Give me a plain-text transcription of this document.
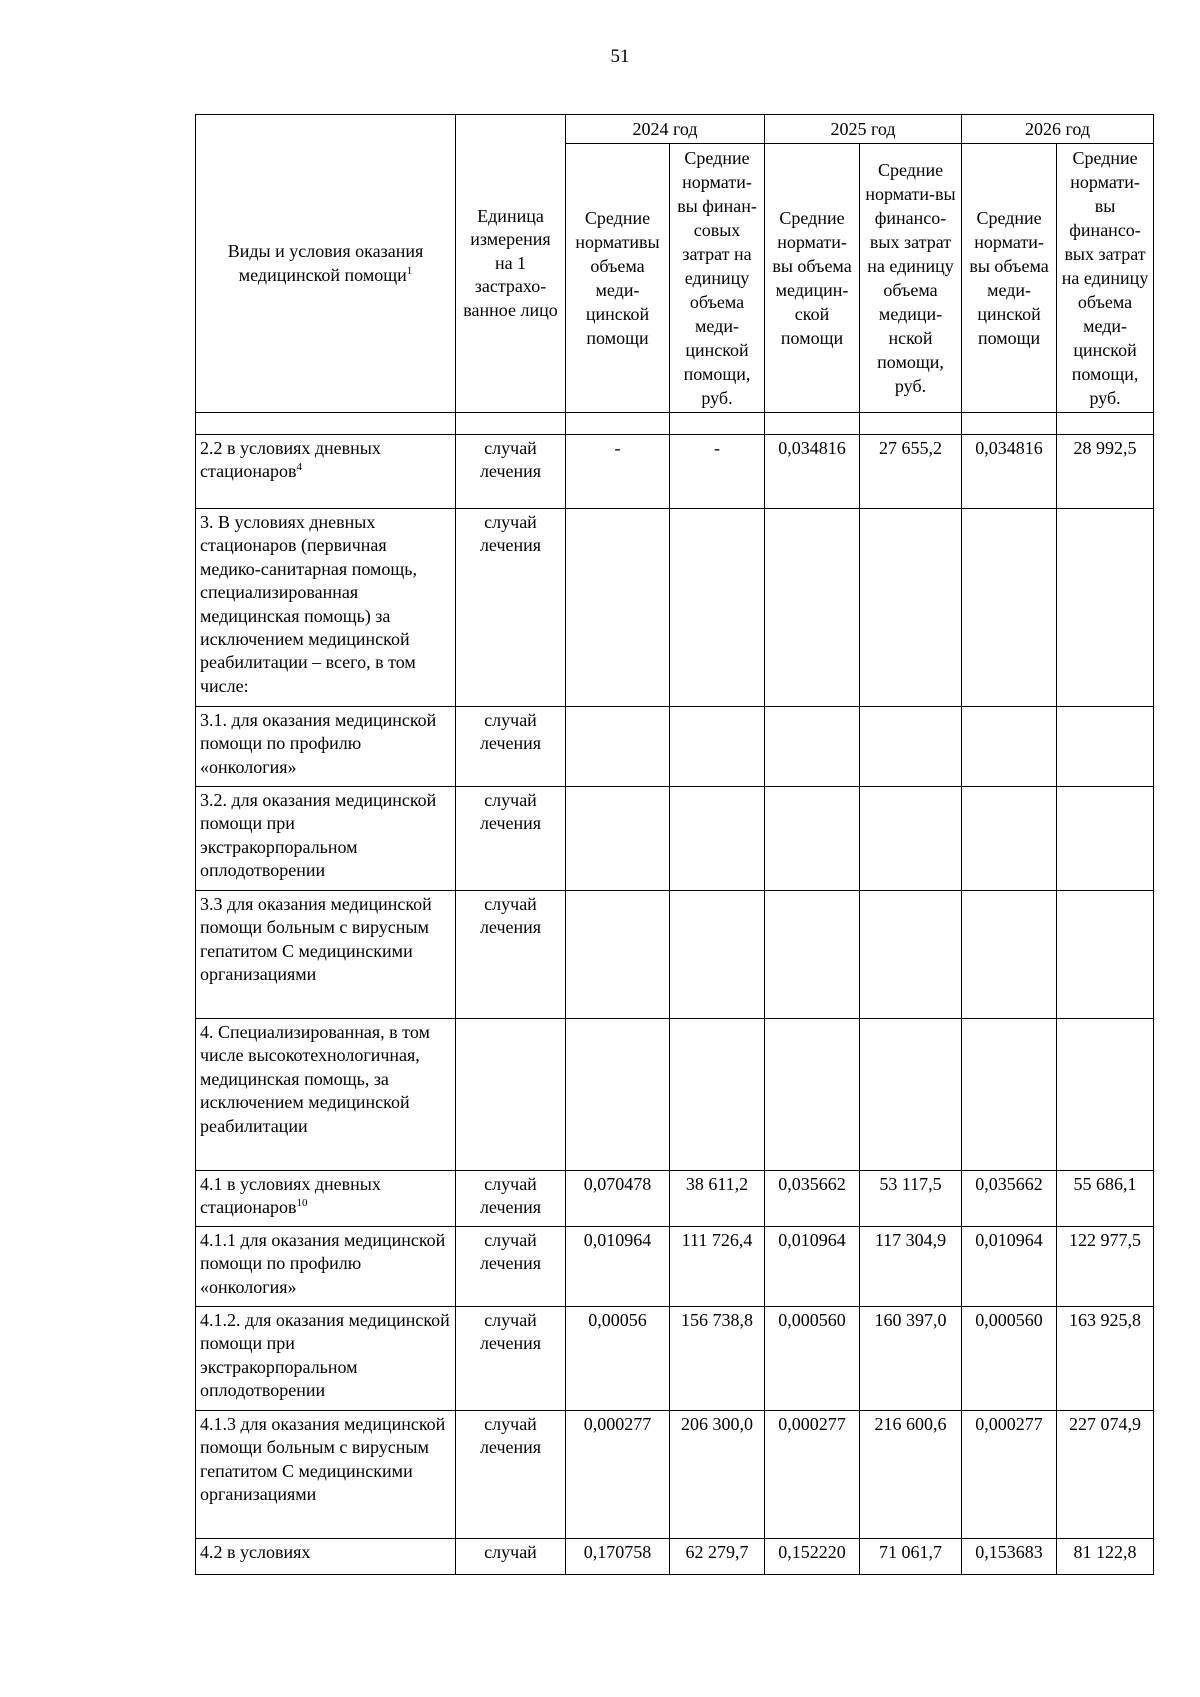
51
Виды и условия оказания медицинской помощи$^1$	Единица измерения на 1 застрахо-ванное лицо	2024 год		2025 год		2026 год	
		Средние нормативы объема меди-цинской помощи	Средние нормати-вы финан-совых затрат на единицу объема меди-цинской помощи, руб.	Средние нормати-вы объема медицин-ской помощи	Средние нормати-вы финансо-вых затрат на единицу объема медици-нской помощи, руб.	Средние нормати-вы объема меди-цинской помощи	Средние нормати-вы финансо-вых затрат на единицу объема меди-цинской помощи, руб.

2.2 в условиях дневных стационаров$^4$	случай лечения	-	-	0,034816	27 655,2	0,034816	28 992,5
3. В условиях дневных стационаров (первичная медико-санитарная помощь, специализированная медицинская помощь) за исключением медицинской реабилитации – всего, в том числе:	случай лечения						
3.1. для оказания медицинской помощи по профилю «онкология»	случай лечения						
3.2. для оказания медицинской помощи при экстракорпоральном оплодотворении	случай лечения						
3.3 для оказания медицинской помощи больным с вирусным гепатитом С медицинскими организациями	случай лечения						
4. Специализированная, в том числе высокотехнологичная, медицинская помощь, за исключением медицинской реабилитации							
4.1 в условиях дневных стационаров$^{10}$	случай лечения	0,070478	38 611,2	0,035662	53 117,5	0,035662	55 686,1
4.1.1 для оказания медицинской помощи по профилю «онкология»	случай лечения	0,010964	111 726,4	0,010964	117 304,9	0,010964	122 977,5
4.1.2. для оказания медицинской помощи при экстракорпоральном оплодотворении	случай лечения	0,00056	156 738,8	0,000560	160 397,0	0,000560	163 925,8
4.1.3 для оказания медицинской помощи больным с вирусным гепатитом С медицинскими организациями	случай лечения	0,000277	206 300,0	0,000277	216 600,6	0,000277	227 074,9
4.2 в условиях	случай	0,170758	62 279,7	0,152220	71 061,7	0,153683	81 122,8
